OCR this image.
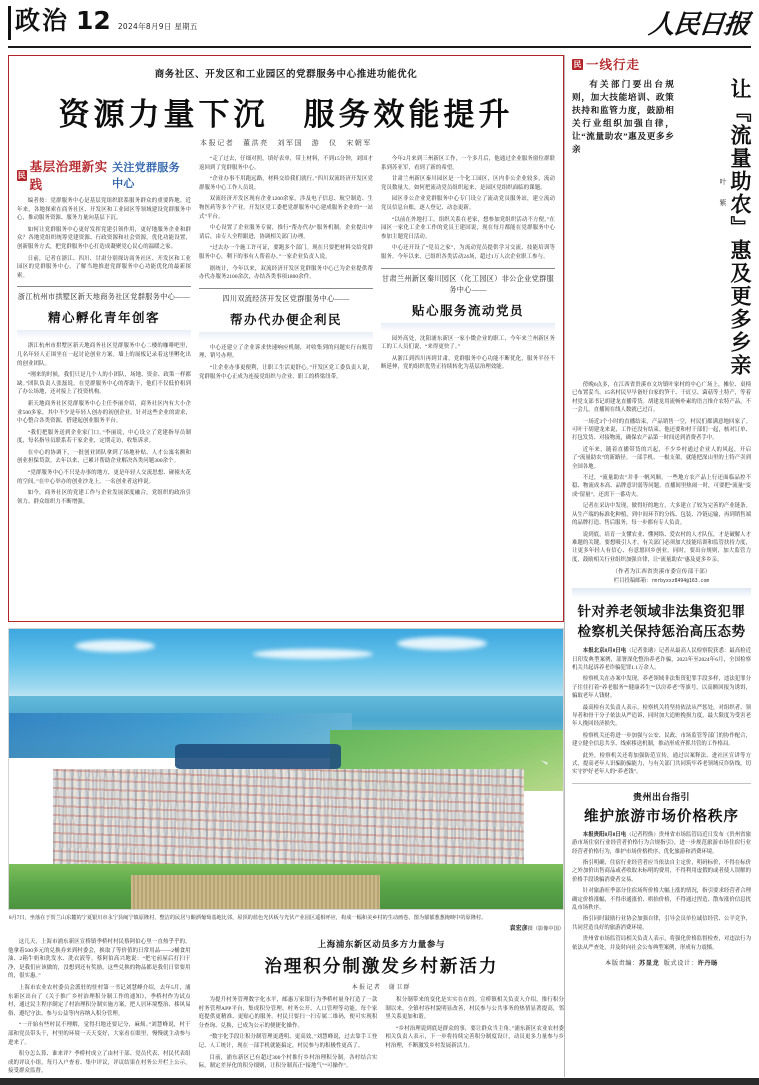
政治 12 2024年8月9日 星期五	人民日报
商务社区、开发区和工业园区的党群服务中心推进功能优化
资源力量下沉　服务效能提升
本报记者　董洪亮　刘军国　游　仪　宋朝军
民
基层治理新实践
关注党群服务中心

编者按：党群服务中心是基层党组织联系服务群众的重要阵地。近年来，各地探索在商务社区、开发区和工业园区等领域建设党群服务中心，推动服务资源、服务力量向基层下沉。

如何让党群服务中心更好发挥党建引领作用，更好地服务企业和群众？各地党组织统筹党建资源、行政资源和社会资源，优化功能设置，创新服务方式，把党群服务中心打造成凝聚党心民心的温暖之家。

日前，记者在浙江、四川、甘肃分别探访商务社区、开发区和工业园区的党群服务中心，了解当地推进党群服务中心功能优化的最新探索。

浙江杭州市拱墅区新天地商务社区党群服务中心——
精心孵化青年创客

浙江杭州市拱墅区新天地商务社区党群服务中心二楼的咖啡吧里，几名年轻人正围坐在一起讨论创业方案。墙上的展板记录着这里孵化出的创业团队。

“刚来的时候，我们只是几个人的小团队，场地、资金、政策一样都缺。”团队负责人张磊说，在党群服务中心的帮助下，他们不仅低价租到了办公场地，还对接上了投资机构。

新天地商务社区党群服务中心主任李丽介绍，商务社区内有大小企业500多家，其中不少是年轻人创办的初创企业。针对这些企业的需求，中心整合各类资源，搭建起创业服务平台。

“我们把服务送到企业家门口。”李丽说，中心设立了党建指导员制度，每名指导员联系若干家企业，定期走访，收集诉求。

在中心的协调下，一批创业团队拿到了场地补贴、人才公寓名额和创业担保贷款。去年以来，已累计帮助企业解决各类问题300余个。

“党群服务中心不只是办事的地方，更是年轻人交流思想、碰撞火花的空间。”在中心举办的创业沙龙上，一名创业者这样说。

如今，商务社区的党建工作与企业发展深度融合，党组织的政治引领力、群众组织力不断增强。

“走了过去，仔细对照，填好表单，带上材料，不到15分钟，刘国才返回到了党群服务中心。

“企业办事不用跑远路，材料交给我们就行。”四川双流经济开发区党群服务中心工作人员说。

双流经济开发区现有企业1200余家，涉及电子信息、航空制造、生物医药等多个产业。开发区党工委把党群服务中心建成服务企业的“一站式”平台。

中心设置了企业服务专窗，推行“帮办代办”服务机制。企业提出申请后，由专人全程跟进，协调相关部门办理。

“过去办一个施工许可证，要跑多个部门。现在只要把材料交给党群服务中心，剩下的事有人帮着办。”一家企业负责人说。

据统计，今年以来，双流经济开发区党群服务中心已为企业提供帮办代办服务2100余次，办结各类事项1800余件。

四川双流经济开发区党群服务中心——
帮办代办便企利民

中心还建立了企业诉求快速响应机制，对收集到的问题实行台账管理、销号办理。

“让企业办事更便利，让职工生活更舒心。”开发区党工委负责人说，党群服务中心正成为连接党组织与企业、职工的桥梁纽带。

今年2月来到三州新区工作，一个多月后，他通过企业服务窗位群联系到苏亚军，看到了新的希望。

甘肃兰州新区秦川园区是一个化工园区，区内非公企业较多，流动党员数量大。如何把流动党员组织起来，是园区党组织面临的课题。

园区非公企业党群服务中心专门设立了流动党员服务站，建立流动党员信息台账，逐人登记、动态更新。

“以前在外地打工，组织关系在老家，想参加党组织活动不方便。”在园区一家化工企业工作的党员王建国说，现在每月都能在党群服务中心参加主题党日活动。

中心还开设了“党员之家”，为流动党员提供学习交流、技能培训等服务。今年以来，已组织各类活动24场，超过1万人次企业职工参与。

甘肃兰州新区秦川园区（化工园区）非公企业党群服务中心——
贴心服务流动党员

园外高处，沈阳浦东新区一家小微企业的职工、今年来兰州新区务工的工人员们说，“来得更快了。”

从浙江到四川再到甘肃，党群服务中心功能不断优化，服务半径不断延伸，党的组织优势正持续转化为基层治理效能。

8月7日，坐落在于贺兰山东麓的宁夏银川市永宁县闽宁镇原隆村，整洁的民居与酿酒葡萄基地比邻，屋顶的蓝色光伏板与光伏产业园区遥相呼应，构成一幅和美乡村的生动画卷。图为郁郁葱葱掩映中的原隆村。
袁宏彦摄（影像中国）

这几天，上海市浦东新区宣桥镇季桥村村民蔡阿伯心里一直热乎乎的。他拿着500多元的兑换券来到村委会，换取了等价值的日常用品——2桶食用油、2箱牛奶和洗发水、洗衣液等。蔡阿伯高兴地说：“把宅前屋后打扫干净，是我们应该做的，没想到还有奖励，这些兑换的物品都是我们日常要用的，很实惠。”

上海市农业农村委员会派驻的驻村第一书记刘慧峰介绍，去年5月，浦东新区出台了《关于推广乡村治理积分制工作的通知》，季桥村作为试点村，通过民主程序制定了村治理积分制实施方案，把人居环境整治、移风易俗、遵纪守法、参与公益等内容纳入积分管理。

“一开始有些村民不理解，觉得扫地还要记分，麻烦。”刘慧峰说，村干部和党员带头干，村里的环境一天天变好，大家看在眼里，慢慢就主动参与进来了。

积分怎么算、谁来评？季桥村成立了由村干部、党员代表、村民代表组成的评议小组，每月入户查看、集中评议，评议结果在村务公开栏上公示，接受群众监督。

上海浦东新区动员多方力量参与
治理积分制激发乡村新活力
本报记者　谢卫群

为提升村务管理数字化水平，邮惠万家银行为季桥村量身打造了一款村务管理APP平台，集成积分管理、村务公开、人口管理等功能。每个家庭提供更精准、更贴心的服务。村民只要扫一扫专属二维码，便可实现积分查询、兑换，已成为公示的便捷化操作。

“数字化手段让积分制管理更透明、更高效。”刘慧峰说，过去靠手工登记、人工统计，现在一部手机就能搞定，村民参与的积极性更高了。

目前，浦东新区已有超过300个村推行乡村治理积分制。各村结合实际，制定差异化的积分细则，让积分制真正“接地气”“可操作”。

积分制带来的变化是实实在在的。宣桥镇相关负责人介绍，推行积分制以来，全镇村容村貌明显改善，村民参与公共事务的热情显著提高，邻里关系更加和谐。

“乡村治理说到底是群众的事，要让群众当主角。”浦东新区农业农村委相关负责人表示，下一步将持续完善积分制度设计，动员更多力量参与乡村治理，不断激发乡村发展新活力。

民 一线行走
有关部门要出台规则，加大技能培训、政策扶持和监管力度，鼓励相关行业组织加强自律，让“流量助农”惠及更多乡亲	让『流量助农』惠及更多乡亲
叶 紫

傍晚6点多，在江西省贵溪市文坊镇叶家村的中心广场上，摊位、桌椅已布置妥当，15名村民早早备好自家的笋干、干豇豆、菌菇等土特产，等着村党支部书记胡建龙直播带货。胡建龙用流畅朴素的语言推介农特产品，不一会儿，直播间在线人数就已过百。

一场近3个小时的直播结束，产品销售一空，村民们都满意地回家了。可叶干胡建龙来说，工作还没有结束。他还要和村干部们一起，核对订单、打包发货、对接物流，确保农产品第一时间送到消费者手中。

近年来，随着直播带货的兴起，不少乡村通过企业人的风起，开启了“流量助农”的新路径。一部手机、一根支架，就能把深山里的土特产卖到全国各地。

不过，“流量助农”并非一帆风顺。一些地方农产品上行还面临品控不稳、物流成本高、品牌意识弱等问题。直播间里热闹一时，可要把“流量”变成“留量”，还需下一番功夫。

记者在采访中发现，做得好的地方，大多建立了较为完善的产业链条。从生产端的标准化种植，到中间环节的分拣、包装、冷链运输，再到销售端的品牌打造、售后服务，每一步都有专人负责。

说到底，培育一支懂农业、懂网络、爱农村的人才队伍，才是破解人才难题的关键。要想吸引人才，有关部门必须加大技能培训和监管扶持力度，让更多年轻人有信心、有意愿回乡创业。同时，要出台规则，加大监管力度，鼓励相关行业组织加强自律，让“流量助农”惠及更多乡亲。

（作者为江西省贵溪市委宣传部干部）
栏目投稿邮箱：rmrbyxxz8494@163.com
针对养老领域非法集资犯罪
检察机关保持惩治高压态势

本报北京8月8日电（记者张璁）记者从最高人民检察院获悉：最高检近日印发典型案例，部署深化整治养老诈骗，2023年至2024年6月，全国检察机关共起诉养老诈骗犯罪1.1万余人。

检察机关在办案中发现，养老领域非法集资犯罪手段多样，违法犯罪分子往往打着“养老服务”“健康养生”“以房养老”等旗号，以高额回报为诱饵，骗取老年人钱财。

最高检有关负责人表示，检察机关将坚持依法从严惩处，对组织者、领导者和骨干分子依法从严追诉，同时加大追赃挽损力度，最大限度为受害老年人挽回经济损失。

检察机关还将进一步加强与公安、民政、市场监管等部门的协作配合，建立健全信息共享、线索移送机制，推动形成齐抓共管的工作格局。

此外，检察机关还将加强防范宣传，通过以案释法、进社区宣讲等方式，提高老年人识骗防骗能力，与有关部门共同筑牢养老领域反诈防线，切实守护好老年人的“养老钱”。

贵州出台指引
维护旅游市场价格秩序

本报贵阳8月8日电（记者程焕）贵州省市场监管局近日发布《贵州省旅游市场住宿行业经营者价格行为合规指引》，进一步规范旅游市场住宿行业经营者价格行为，维护市场价格秩序，优化旅游和消费环境。

指引明确，住宿行业经营者应当依法自主定价，明码标价，不得在标价之外加价出售商品或者收取未标明的费用，不得利用虚假的或者使人误解的价格手段诱骗消费者交易。

针对旅游旺季部分住宿场所价格大幅上涨的情况，指引要求经营者合理确定价格涨幅，不得串通涨价、哄抬价格，不得通过捏造、散布涨价信息扰乱市场秩序。

指引同时鼓励行业协会加强自律，引导会员单位诚信经营、公平竞争，共同营造良好的旅游消费环境。

贵州省市场监管局相关负责人表示，将强化价格监督检查，对违法行为依法从严查处，并及时向社会公布典型案例，形成有力震慑。

本版责编：苏显龙 版式设计：许丹旸
